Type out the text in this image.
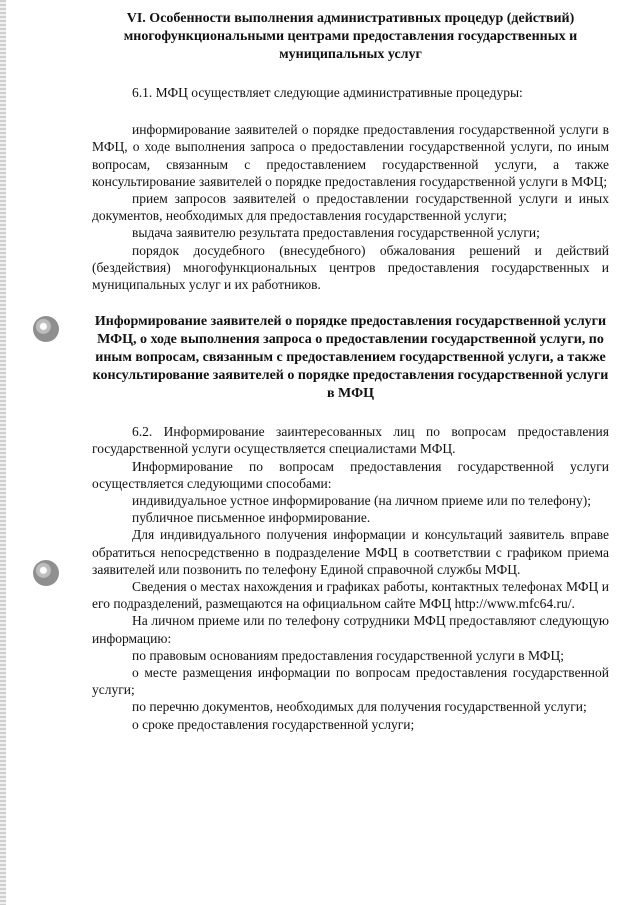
VI. Особенности выполнения административных процедур (действий) многофункциональными центрами предоставления государственных и муниципальных услуг

6.1. МФЦ осуществляет следующие административные процедуры:

информирование заявителей о порядке предоставления государственной услуги в МФЦ, о ходе выполнения запроса о предоставлении государственной услуги, по иным вопросам, связанным с предоставлением государственной услуги, а также консультирование заявителей о порядке предоставления государственной услуги в МФЦ;

прием запросов заявителей о предоставлении государственной услуги и иных документов, необходимых для предоставления государственной услуги;

выдача заявителю результата предоставления государственной услуги;

порядок досудебного (внесудебного) обжалования решений и действий (бездействия) многофункциональных центров предоставления государственных и муниципальных услуг и их работников.

Информирование заявителей о порядке предоставления государственной услуги МФЦ, о ходе выполнения запроса о предоставлении государственной услуги, по иным вопросам, связанным с предоставлением государственной услуги, а также консультирование заявителей о порядке предоставления государственной услуги в МФЦ

6.2. Информирование заинтересованных лиц по вопросам предоставления государственной услуги осуществляется специалистами МФЦ.

Информирование по вопросам предоставления государственной услуги осуществляется следующими способами:

индивидуальное устное информирование (на личном приеме или по телефону);

публичное письменное информирование.

Для индивидуального получения информации и консультаций заявитель вправе обратиться непосредственно в подразделение МФЦ в соответствии с графиком приема заявителей или позвонить по телефону Единой справочной службы МФЦ.

Сведения о местах нахождения и графиках работы, контактных телефонах МФЦ и его подразделений, размещаются на официальном сайте МФЦ http://www.mfc64.ru/.

На личном приеме или по телефону сотрудники МФЦ предоставляют следующую информацию:

по правовым основаниям предоставления государственной услуги в МФЦ;

о месте размещения информации по вопросам предоставления государственной услуги;

по перечню документов, необходимых для получения государственной услуги;

о сроке предоставления государственной услуги;
